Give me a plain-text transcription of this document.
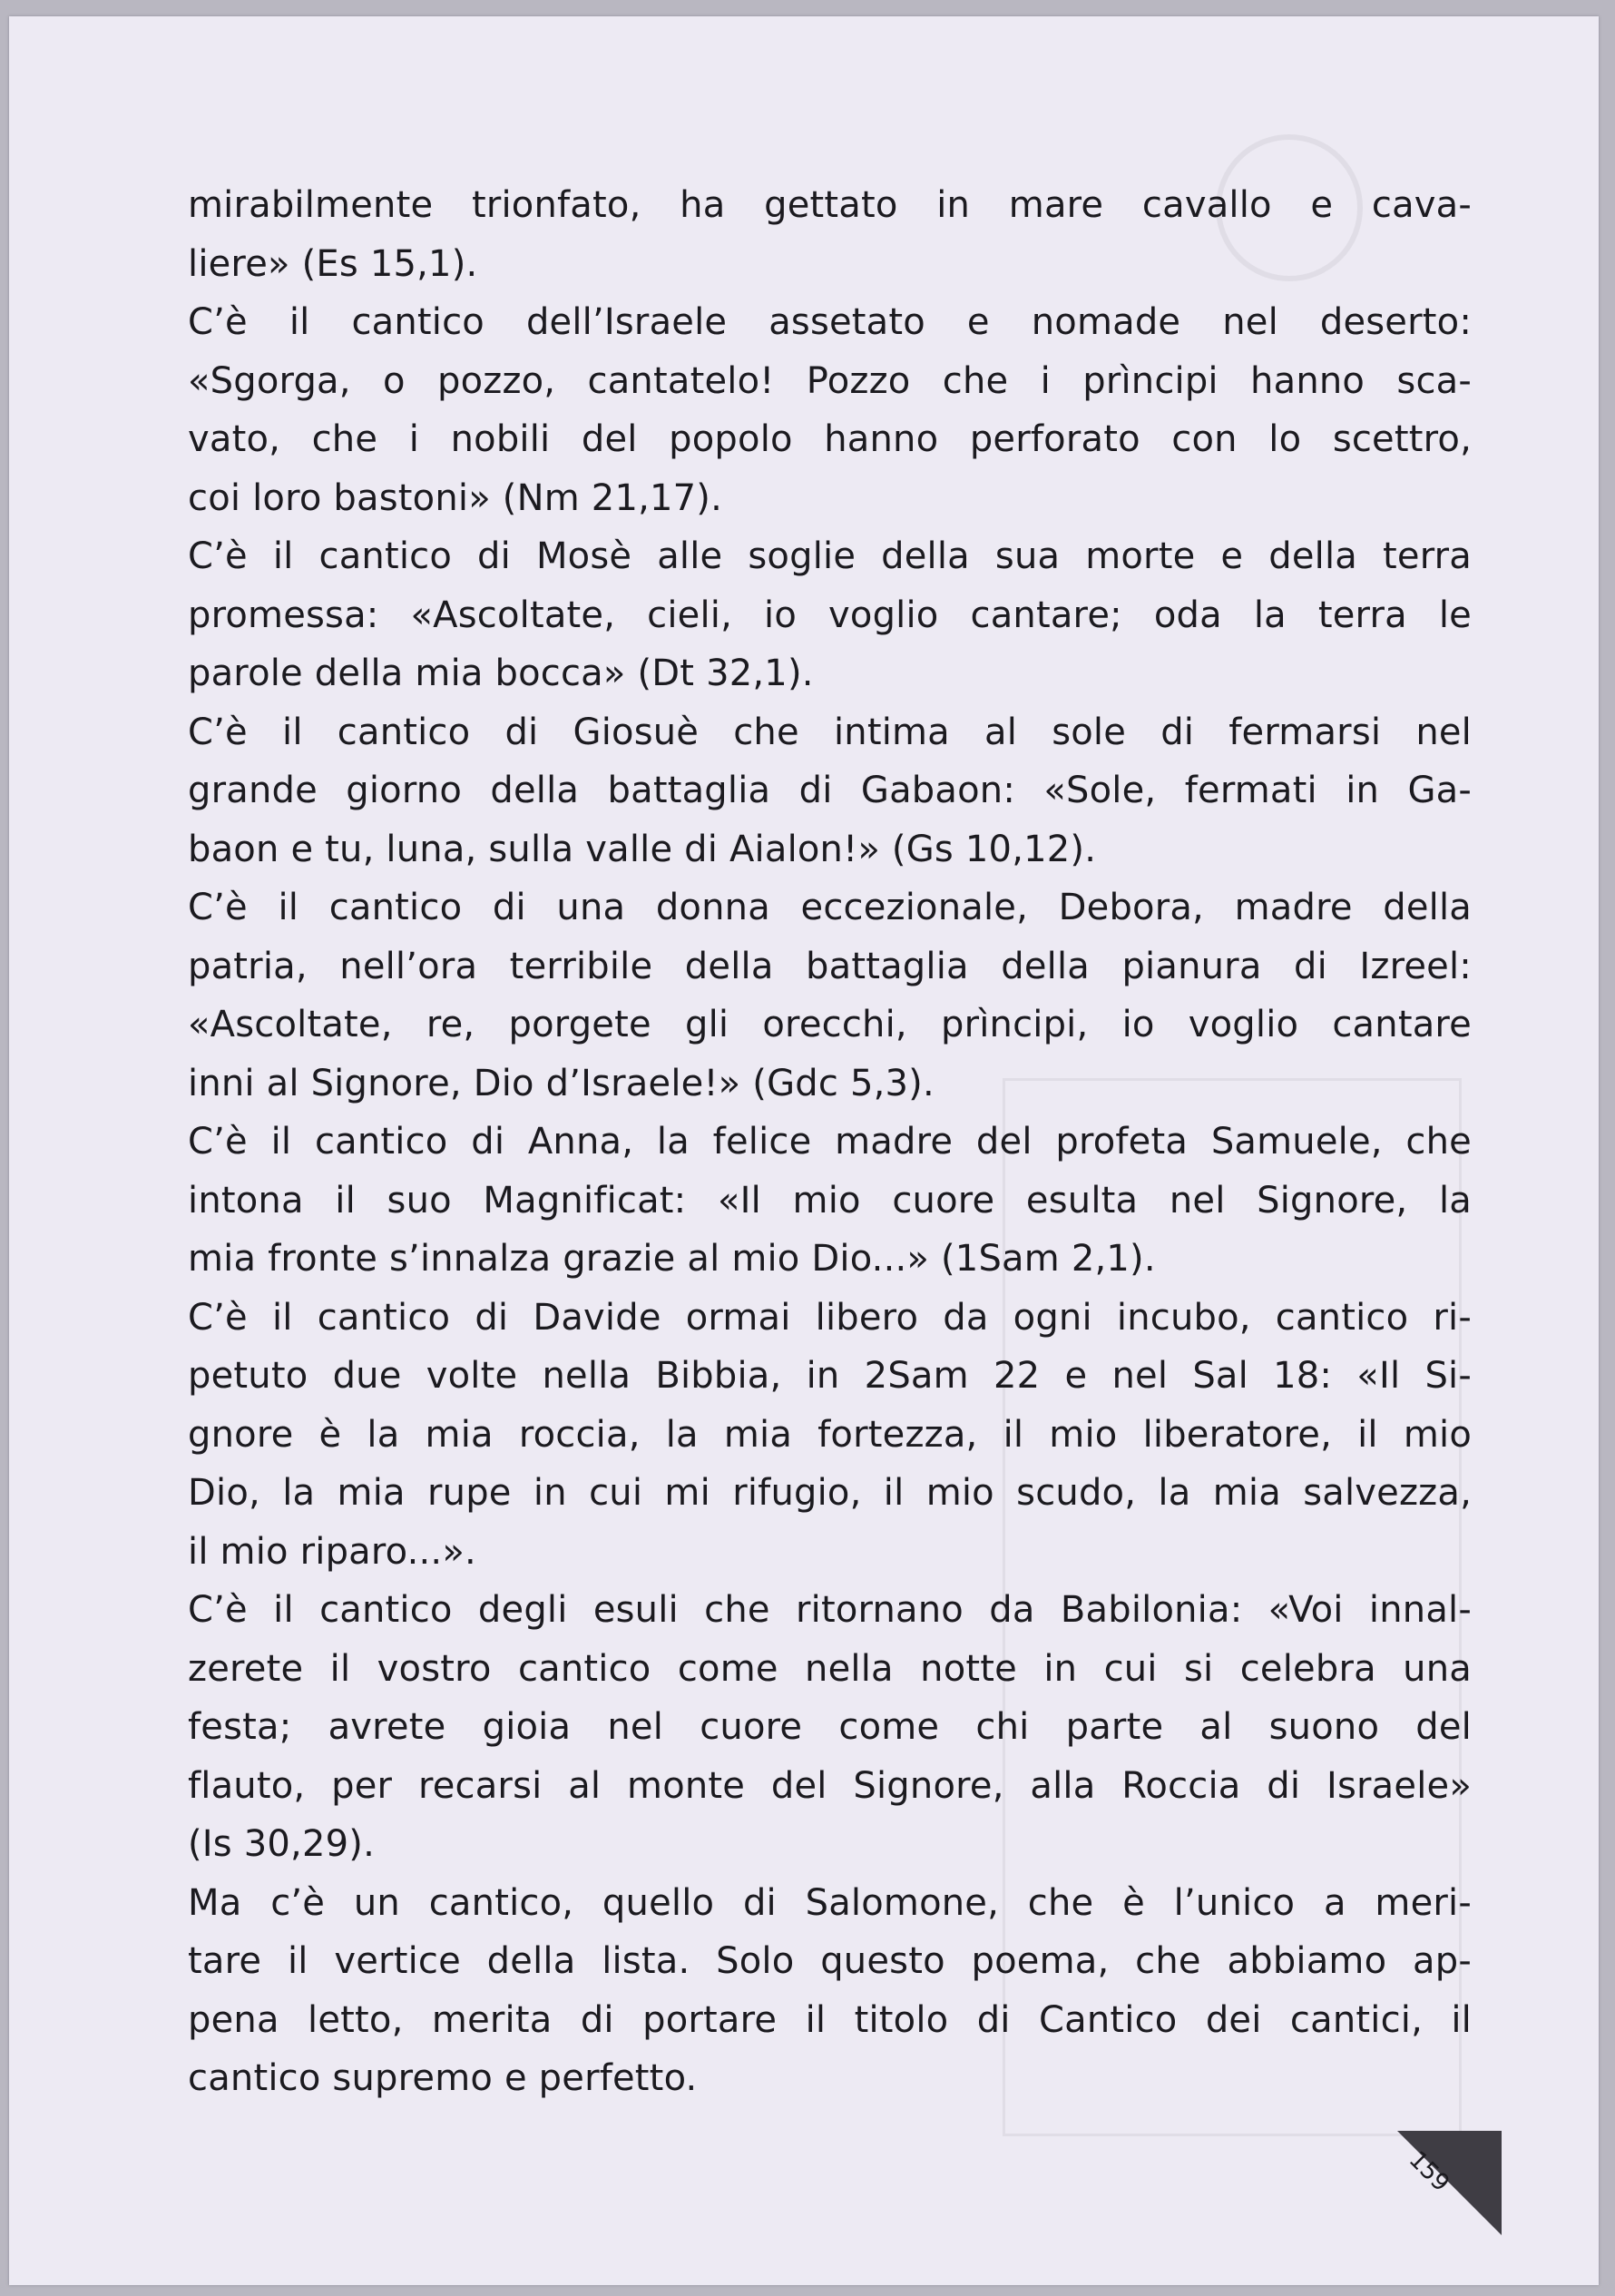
mirabilmente trionfato, ha gettato in mare cavallo e cava-
liere» (Es 15,1).
C’è il cantico dell’Israele assetato e nomade nel deserto:
«Sgorga, o pozzo, cantatelo! Pozzo che i prìncipi hanno sca-
vato, che i nobili del popolo hanno perforato con lo scettro,
coi loro bastoni» (Nm 21,17).
C’è il cantico di Mosè alle soglie della sua morte e della terra
promessa: «Ascoltate, cieli, io voglio cantare; oda la terra le
parole della mia bocca» (Dt 32,1).
C’è il cantico di Giosuè che intima al sole di fermarsi nel
grande giorno della battaglia di Gabaon: «Sole, fermati in Ga-
baon e tu, luna, sulla valle di Aialon!» (Gs 10,12).
C’è il cantico di una donna eccezionale, Debora, madre della
patria, nell’ora terribile della battaglia della pianura di Izreel:
«Ascoltate, re, porgete gli orecchi, prìncipi, io voglio cantare
inni al Signore, Dio d’Israele!» (Gdc 5,3).
C’è il cantico di Anna, la felice madre del profeta Samuele, che
intona il suo Magnificat: «Il mio cuore esulta nel Signore, la
mia fronte s’innalza grazie al mio Dio...» (1Sam 2,1).
C’è il cantico di Davide ormai libero da ogni incubo, cantico ri-
petuto due volte nella Bibbia, in 2Sam 22 e nel Sal 18: «Il Si-
gnore è la mia roccia, la mia fortezza, il mio liberatore, il mio
Dio, la mia rupe in cui mi rifugio, il mio scudo, la mia salvezza,
il mio riparo...».
C’è il cantico degli esuli che ritornano da Babilonia: «Voi innal-
zerete il vostro cantico come nella notte in cui si celebra una
festa; avrete gioia nel cuore come chi parte al suono del
flauto, per recarsi al monte del Signore, alla Roccia di Israele»
(Is 30,29).
Ma c’è un cantico, quello di Salomone, che è l’unico a meri-
tare il vertice della lista. Solo questo poema, che abbiamo ap-
pena letto, merita di portare il titolo di Cantico dei cantici, il
cantico supremo e perfetto.
159
